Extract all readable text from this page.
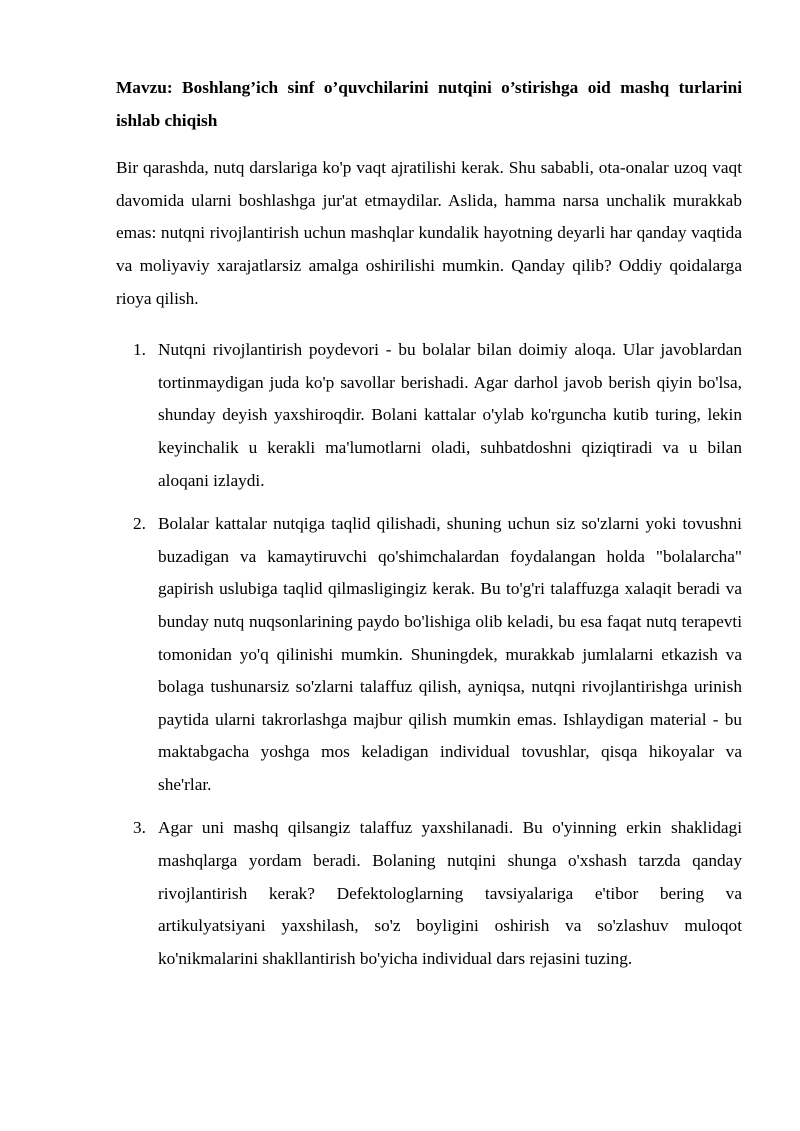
Mavzu: Boshlang’ich sinf o’quvchilarini nutqini o’stirishga oid mashq turlarini ishlab chiqish

Bir qarashda, nutq darslariga ko'p vaqt ajratilishi kerak. Shu sababli, ota-onalar uzoq vaqt davomida ularni boshlashga jur'at etmaydilar. Aslida, hamma narsa unchalik murakkab emas: nutqni rivojlantirish uchun mashqlar kundalik hayotning deyarli har qanday vaqtida va moliyaviy xarajatlarsiz amalga oshirilishi mumkin. Qanday qilib? Oddiy qoidalarga rioya qilish.

1. Nutqni rivojlantirish poydevori - bu bolalar bilan doimiy aloqa. Ular javoblardan tortinmaydigan juda ko'p savollar berishadi. Agar darhol javob berish qiyin bo'lsa, shunday deyish yaxshiroqdir. Bolani kattalar o'ylab ko'rguncha kutib turing, lekin keyinchalik u kerakli ma'lumotlarni oladi, suhbatdoshni qiziqtiradi va u bilan aloqani izlaydi.
2. Bolalar kattalar nutqiga taqlid qilishadi, shuning uchun siz so'zlarni yoki tovushni buzadigan va kamaytiruvchi qo'shimchalardan foydalangan holda "bolalarcha" gapirish uslubiga taqlid qilmasligingiz kerak. Bu to'g'ri talaffuzga xalaqit beradi va bunday nutq nuqsonlarining paydo bo'lishiga olib keladi, bu esa faqat nutq terapevti tomonidan yo'q qilinishi mumkin. Shuningdek, murakkab jumlalarni etkazish va bolaga tushunarsiz so'zlarni talaffuz qilish, ayniqsa, nutqni rivojlantirishga urinish paytida ularni takrorlashga majbur qilish mumkin emas. Ishlaydigan material - bu maktabgacha yoshga mos keladigan individual tovushlar, qisqa hikoyalar va she'rlar.
3. Agar uni mashq qilsangiz talaffuz yaxshilanadi. Bu o'yinning erkin shaklidagi mashqlarga yordam beradi. Bolaning nutqini shunga o'xshash tarzda qanday rivojlantirish kerak? Defektologlarning tavsiyalariga e'tibor bering va artikulyatsiyani yaxshilash, so'z boyligini oshirish va so'zlashuv muloqot ko'nikmalarini shakllantirish bo'yicha individual dars rejasini tuzing.
